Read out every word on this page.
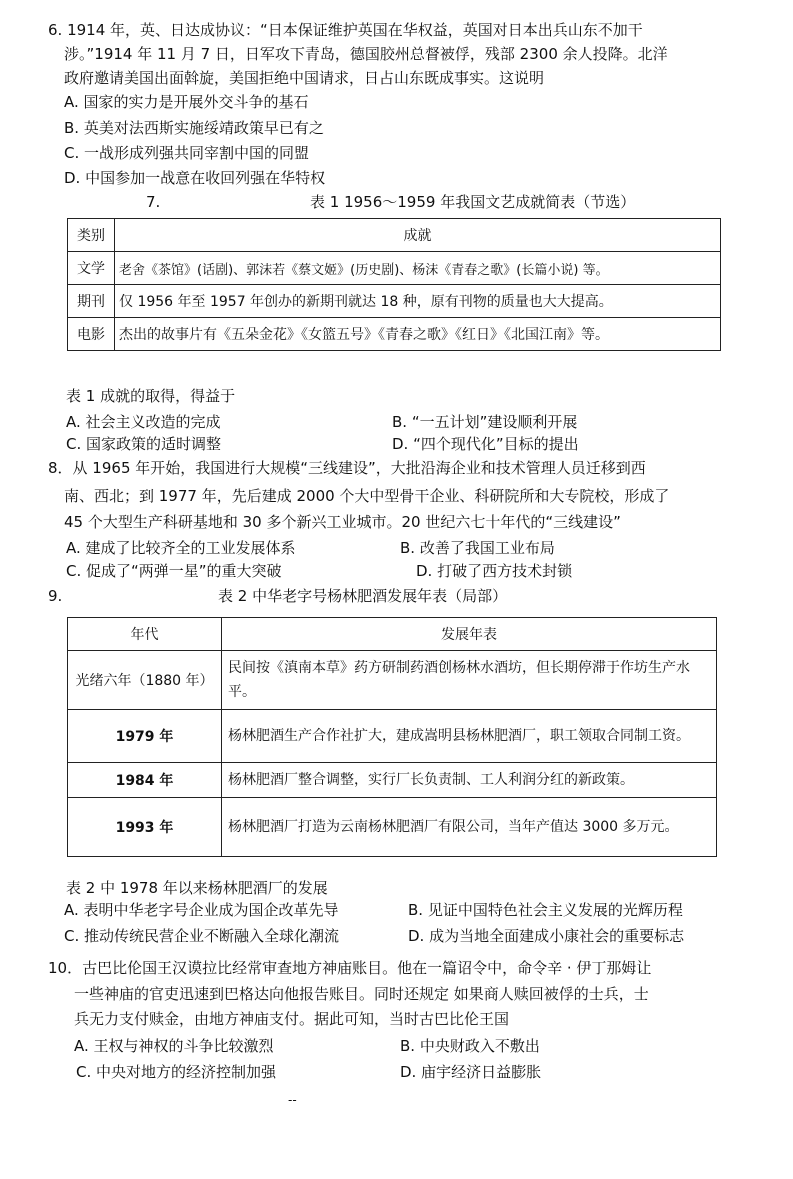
6. 1914 年，英、日达成协议：“日本保证维护英国在华权益，英国对日本出兵山东不加干
涉。”1914 年 11 月 7 日，日军攻下青岛，德国胶州总督被俘，残部 2300 余人投降。北洋
政府邀请美国出面斡旋，美国拒绝中国请求，日占山东既成事实。这说明
A. 国家的实力是开展外交斗争的基石
B. 英美对法西斯实施绥靖政策早已有之
C. 一战形成列强共同宰割中国的同盟
D. 中国参加一战意在收回列强在华特权
7.	表 1 1956～1959 年我国文艺成就简表（节选）
类别	成就
文学	老舍《茶馆》(话剧)、郭沫若《蔡文姬》(历史剧)、杨沫《青春之歌》(长篇小说) 等。
期刊	仅 1956 年至 1957 年创办的新期刊就达 18 种，原有刊物的质量也大大提高。
电影	杰出的故事片有《五朵金花》《女篮五号》《青春之歌》《红日》《北国江南》等。
表 1 成就的取得，得益于
A. 社会主义改造的完成	B. “一五计划”建设顺利开展
C. 国家政策的适时调整	D. “四个现代化”目标的提出
8．从 1965 年开始，我国进行大规模“三线建设”，大批沿海企业和技术管理人员迁移到西
南、西北；到 1977 年，先后建成 2000 个大中型骨干企业、科研院所和大专院校，形成了
45 个大型生产科研基地和 30 多个新兴工业城市。20 世纪六七十年代的“三线建设”
A. 建成了比较齐全的工业发展体系	B. 改善了我国工业布局
C. 促成了“两弹一星”的重大突破	D. 打破了西方技术封锁
9.	表 2 中华老字号杨林肥酒发展年表（局部）
年代	发展年表
光绪六年（1880 年）	民间按《滇南本草》药方研制药酒创杨林水酒坊，但长期停滞于作坊生产水平。
1979 年	杨林肥酒生产合作社扩大，建成嵩明县杨林肥酒厂，职工领取合同制工资。
1984 年	杨林肥酒厂整合调整，实行厂长负责制、工人利润分红的新政策。
1993 年	杨林肥酒厂打造为云南杨林肥酒厂有限公司，当年产值达 3000 多万元。
表 2 中 1978 年以来杨林肥酒厂的发展
A. 表明中华老字号企业成为国企改革先导	B. 见证中国特色社会主义发展的光辉历程
C. 推动传统民营企业不断融入全球化潮流	D. 成为当地全面建成小康社会的重要标志
10．古巴比伦国王汉谟拉比经常审查地方神庙账目。他在一篇诏令中，命令辛 · 伊丁那姆让
一些神庙的官吏迅速到巴格达向他报告账目。同时还规定 如果商人赎回被俘的士兵，士
兵无力支付赎金，由地方神庙支付。据此可知，当时古巴比伦王国
A. 王权与神权的斗争比较激烈	B. 中央财政入不敷出
C. 中央对地方的经济控制加强	D. 庙宇经济日益膨胀
--
